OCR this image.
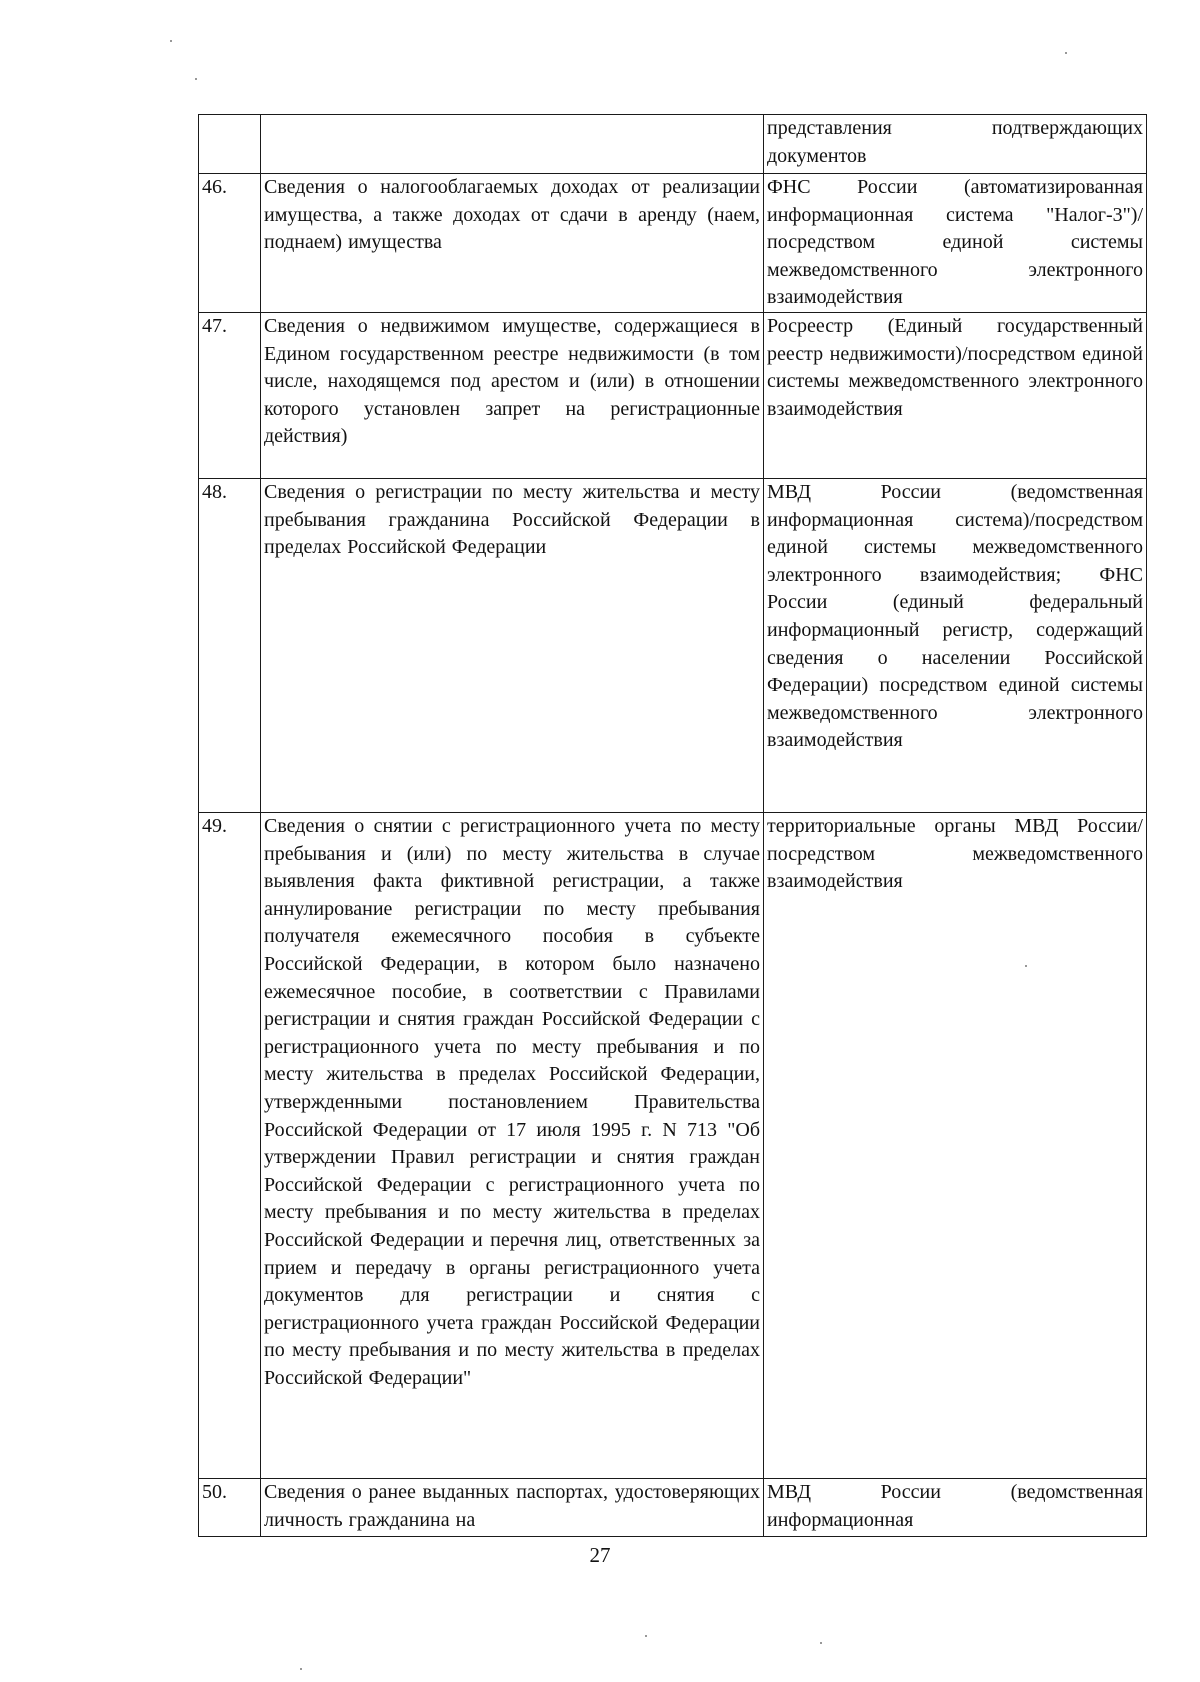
		представления подтверждающих документов
46.	Сведения о налогооблагаемых доходах от реализации имущества, а также доходах от сдачи в аренду (наем, поднаем) имущества	ФНС России (автоматизированная информационная система "Налог-3")/посредством единой системы межведомственного электронного взаимодействия
47.	Сведения о недвижимом имуществе, содержащиеся в Едином государственном реестре недвижимости (в том числе, находящемся под арестом и (или) в отношении которого установлен запрет на регистрационные действия)	Росреестр (Единый государственный реестр недвижимости)/посредством единой системы межведомственного электронного взаимодействия
48.	Сведения о регистрации по месту жительства и месту пребывания гражданина Российской Федерации в пределах Российской Федерации	МВД России (ведомственная информационная система)/посредством единой системы межведомственного электронного взаимодействия; ФНС России (единый федеральный информационный регистр, содержащий сведения о населении Российской Федерации) посредством единой системы межведомственного электронного взаимодействия
49.	Сведения о снятии с регистрационного учета по месту пребывания и (или) по месту жительства в случае выявления факта фиктивной регистрации, а также аннулирование регистрации по месту пребывания получателя ежемесячного пособия в субъекте Российской Федерации, в котором было назначено ежемесячное пособие, в соответствии с Правилами регистрации и снятия граждан Российской Федерации с регистрационного учета по месту пребывания и по месту жительства в пределах Российской Федерации, утвержденными постановлением Правительства Российской Федерации от 17 июля 1995 г. N 713 "Об утверждении Правил регистрации и снятия граждан Российской Федерации с регистрационного учета по месту пребывания и по месту жительства в пределах Российской Федерации и перечня лиц, ответственных за прием и передачу в органы регистрационного учета документов для регистрации и снятия с регистрационного учета граждан Российской Федерации по месту пребывания и по месту жительства в пределах Российской Федерации"	территориальные органы МВД России/посредством межведомственного взаимодействия
50.	Сведения о ранее выданных паспортах, удостоверяющих личность гражданина на	МВД России (ведомственная информационная
27
